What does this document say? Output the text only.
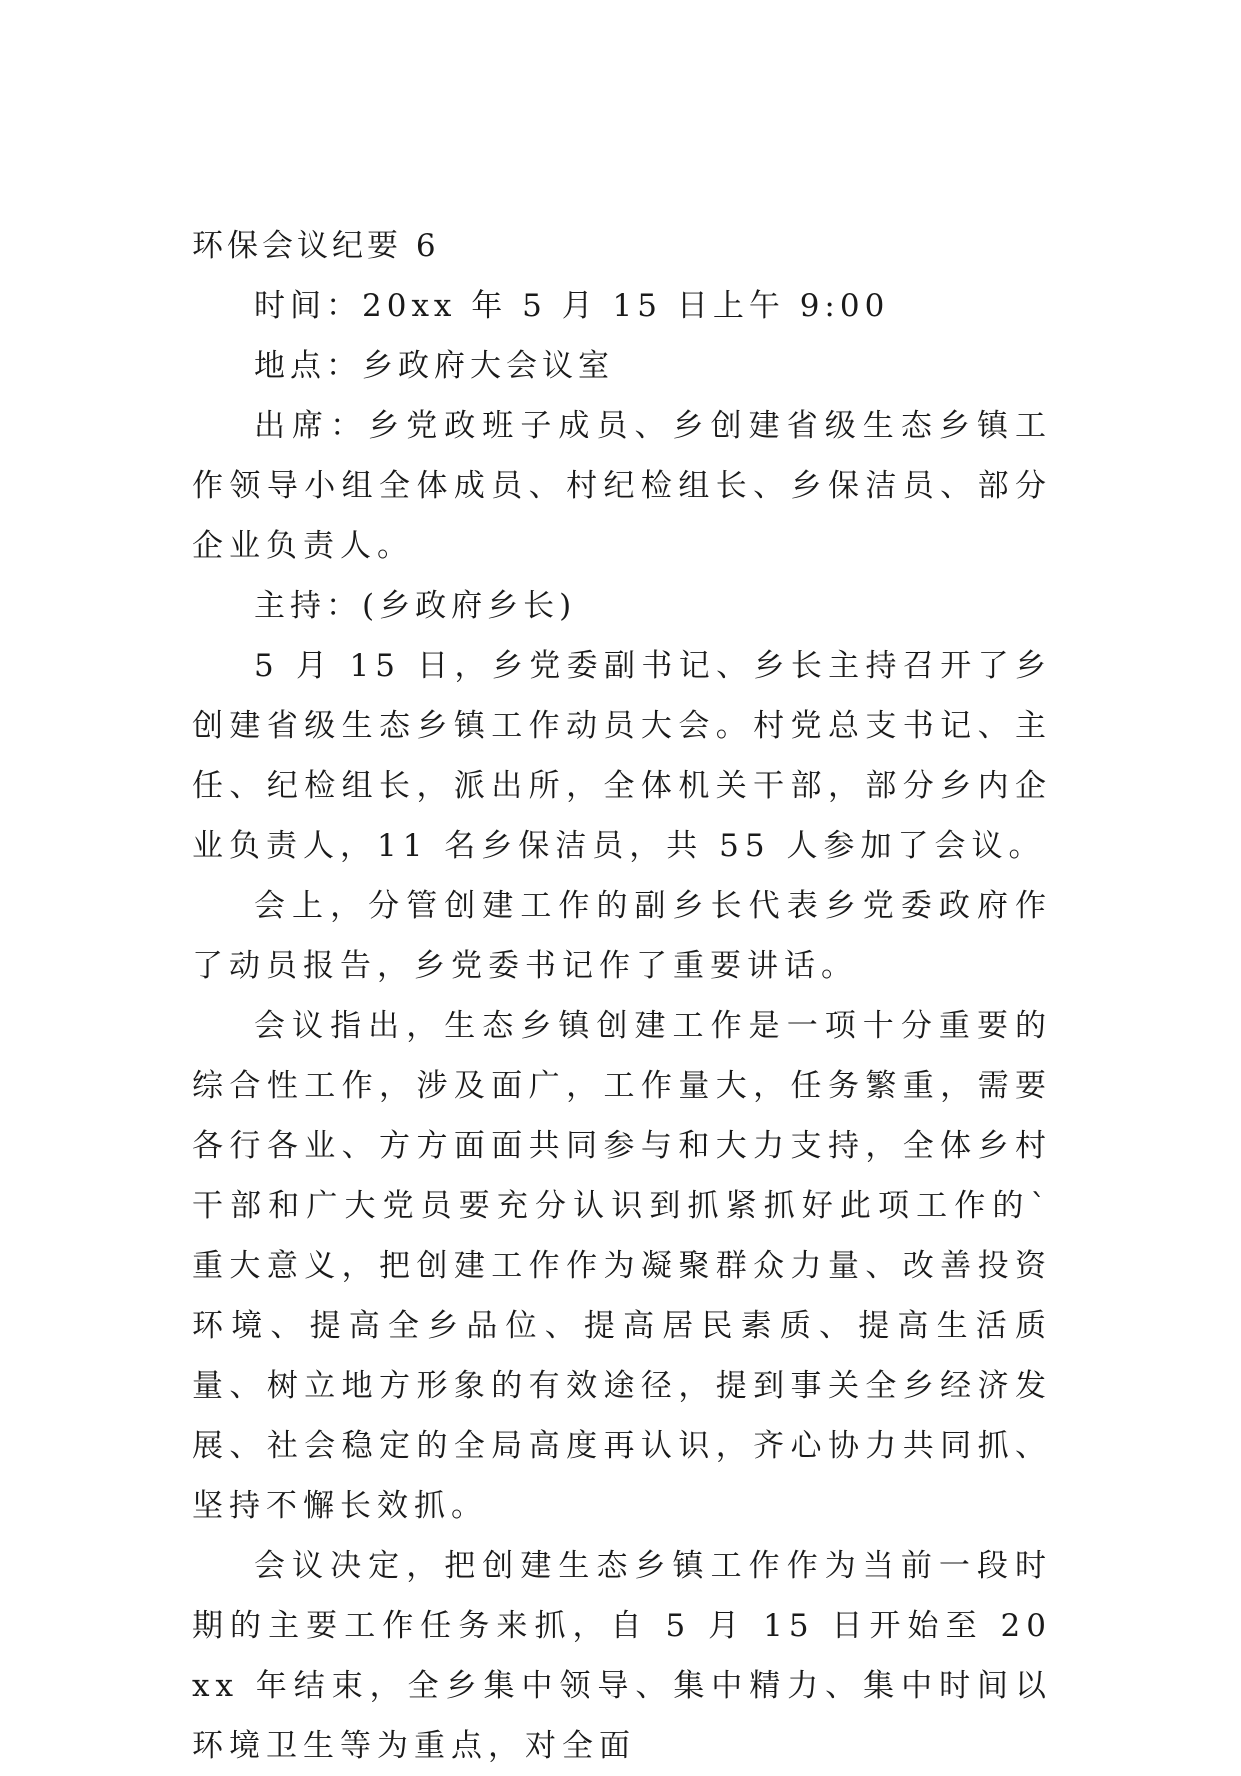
环保会议纪要 6

时间：20xx 年 5 月 15 日上午 9:00

地点：乡政府大会议室

出席：乡党政班子成员、乡创建省级生态乡镇工作领导小组全体成员、村纪检组长、乡保洁员、部分企业负责人。

主持：(乡政府乡长)

5 月 15 日，乡党委副书记、乡长主持召开了乡创建省级生态乡镇工作动员大会。村党总支书记、主任、纪检组长，派出所，全体机关干部，部分乡内企业负责人，11 名乡保洁员，共 55 人参加了会议。

会上，分管创建工作的副乡长代表乡党委政府作了动员报告，乡党委书记作了重要讲话。

会议指出，生态乡镇创建工作是一项十分重要的综合性工作，涉及面广，工作量大，任务繁重，需要各行各业、方方面面共同参与和大力支持，全体乡村干部和广大党员要充分认识到抓紧抓好此项工作的`重大意义，把创建工作作为凝聚群众力量、改善投资环境、提高全乡品位、提高居民素质、提高生活质量、树立地方形象的有效途径，提到事关全乡经济发展、社会稳定的全局高度再认识，齐心协力共同抓、坚持不懈长效抓。

会议决定，把创建生态乡镇工作作为当前一段时期的主要工作任务来抓，自 5 月 15 日开始至 20xx 年结束，全乡集中领导、集中精力、集中时间以环境卫生等为重点，对全面
